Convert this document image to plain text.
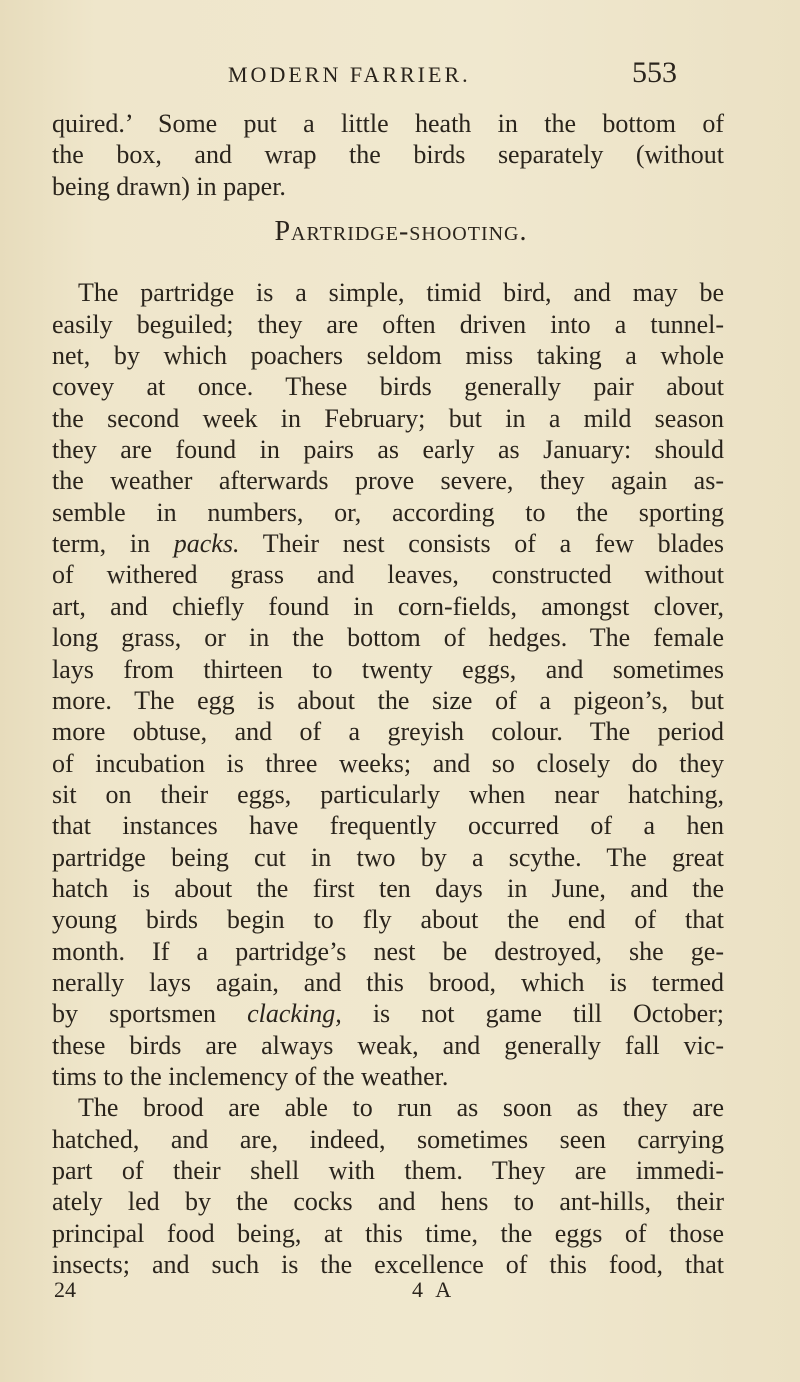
MODERN FARRIER.	553
quired.’ Some put a little heath in the bottom of
the box, and wrap the birds separately (without
being drawn) in paper.
Partridge-shooting.
The partridge is a simple, timid bird, and may be
easily beguiled; they are often driven into a tunnel-
net, by which poachers seldom miss taking a whole
covey at once. These birds generally pair about
the second week in February; but in a mild season
they are found in pairs as early as January: should
the weather afterwards prove severe, they again as-
semble in numbers, or, according to the sporting
term, in packs. Their nest consists of a few blades
of withered grass and leaves, constructed without
art, and chiefly found in corn-fields, amongst clover,
long grass, or in the bottom of hedges. The female
lays from thirteen to twenty eggs, and sometimes
more. The egg is about the size of a pigeon’s, but
more obtuse, and of a greyish colour. The period
of incubation is three weeks; and so closely do they
sit on their eggs, particularly when near hatching,
that instances have frequently occurred of a hen
partridge being cut in two by a scythe. The great
hatch is about the first ten days in June, and the
young birds begin to fly about the end of that
month. If a partridge’s nest be destroyed, she ge-
nerally lays again, and this brood, which is termed
by sportsmen clacking, is not game till October;
these birds are always weak, and generally fall vic-
tims to the inclemency of the weather.
The brood are able to run as soon as they are
hatched, and are, indeed, sometimes seen carrying
part of their shell with them. They are immedi-
ately led by the cocks and hens to ant-hills, their
principal food being, at this time, the eggs of those
insects; and such is the excellence of this food, that
24	4 A
